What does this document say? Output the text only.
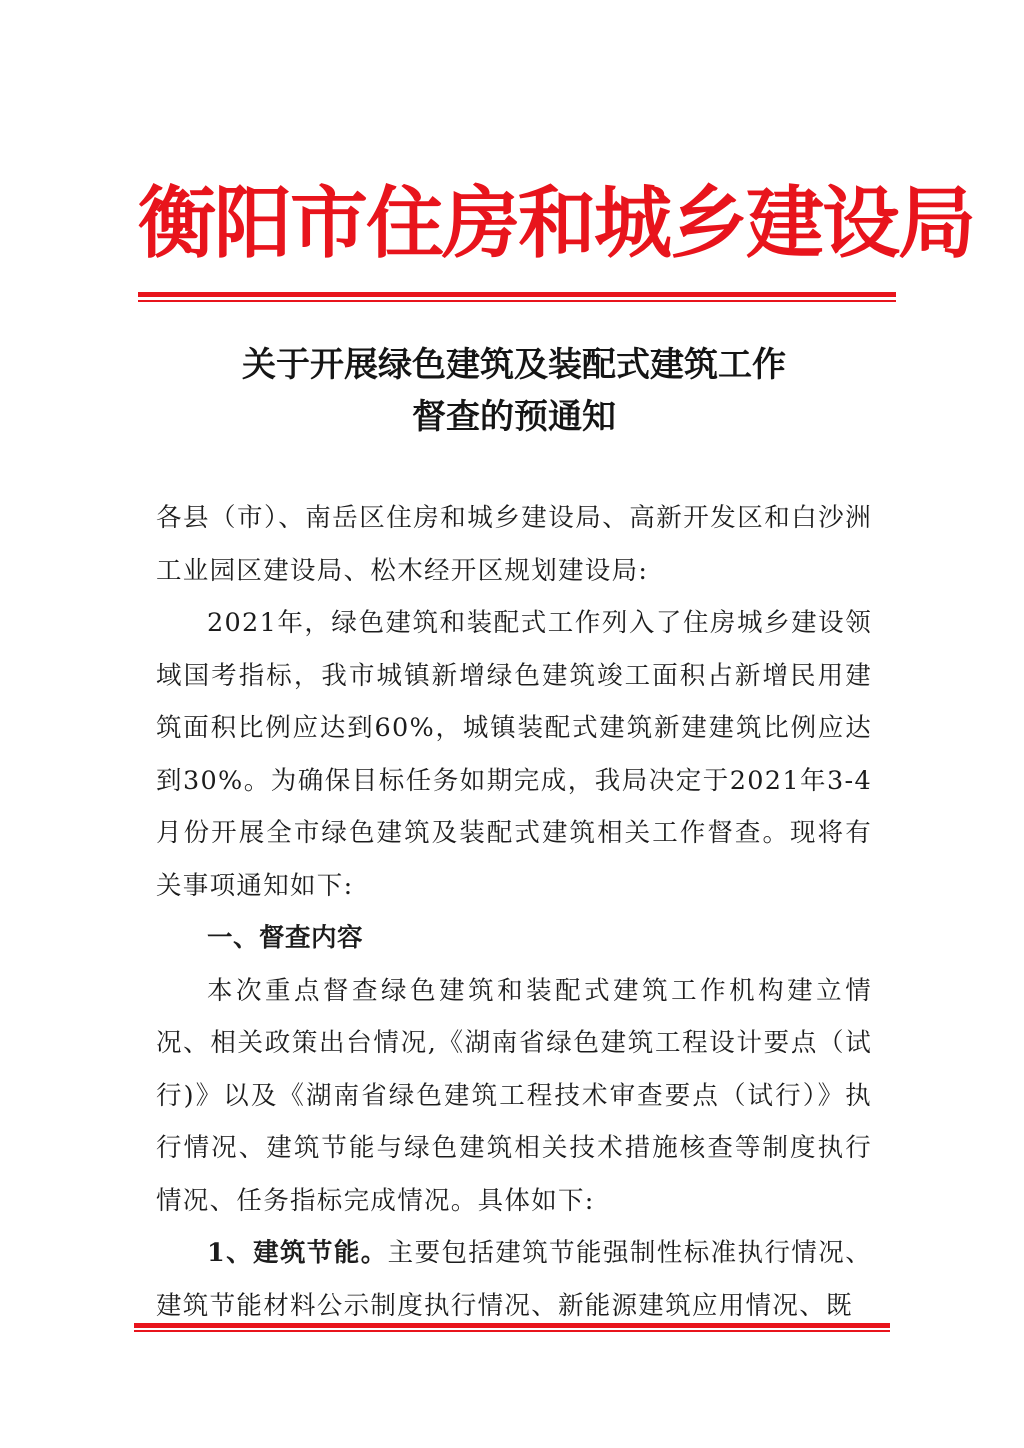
衡阳市住房和城乡建设局
关于开展绿色建筑及装配式建筑工作
督查的预通知

各县（市）、南岳区住房和城乡建设局、高新开发区和白沙洲工业园区建设局、松木经开区规划建设局:

2021年，绿色建筑和装配式工作列入了住房城乡建设领域国考指标，我市城镇新增绿色建筑竣工面积占新增民用建筑面积比例应达到60%，城镇装配式建筑新建建筑比例应达到30%。为确保目标任务如期完成，我局决定于2021年3-4月份开展全市绿色建筑及装配式建筑相关工作督查。现将有关事项通知如下:

一、督查内容

本次重点督查绿色建筑和装配式建筑工作机构建立情况、相关政策出台情况,《湖南省绿色建筑工程设计要点（试行)》以及《湖南省绿色建筑工程技术审查要点（试行）》执行情况、建筑节能与绿色建筑相关技术措施核查等制度执行情况、任务指标完成情况。具体如下:

1、建筑节能。主要包括建筑节能强制性标准执行情况、建筑节能材料公示制度执行情况、新能源建筑应用情况、既
